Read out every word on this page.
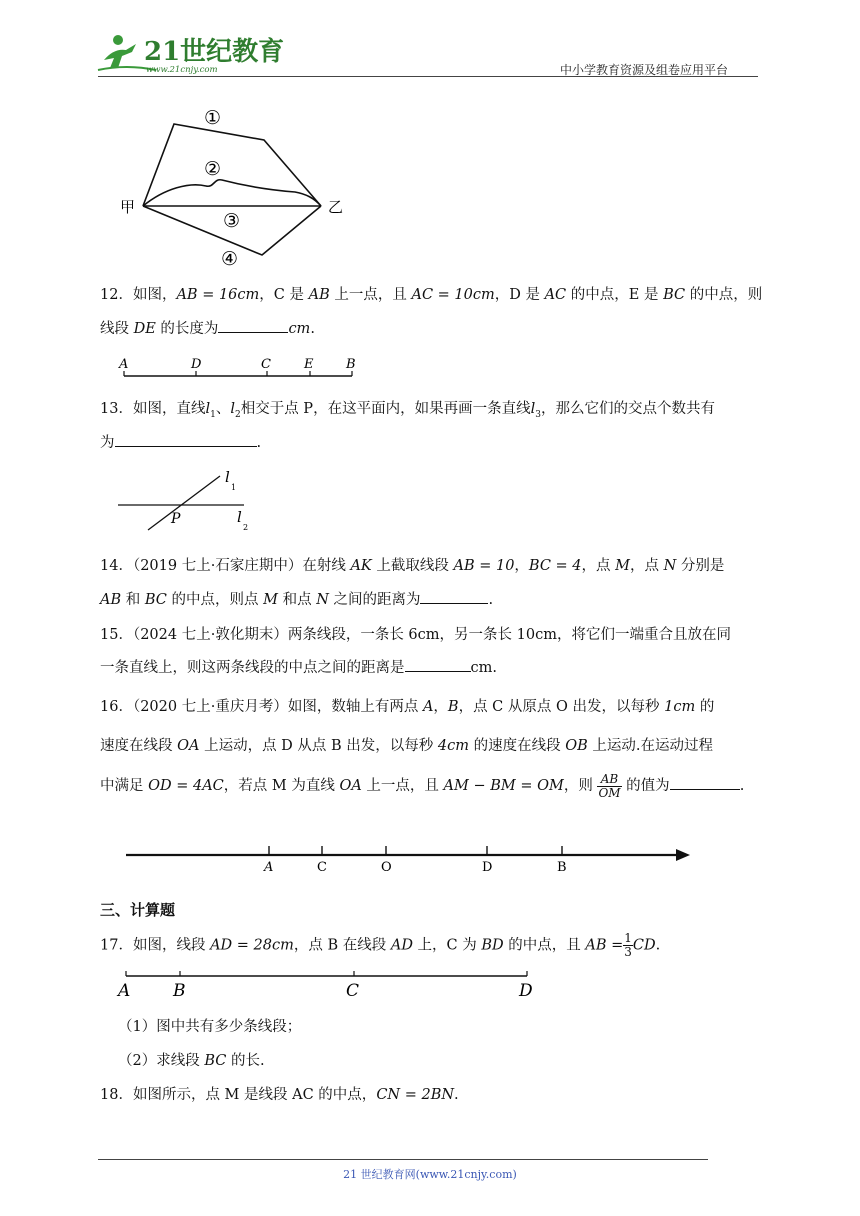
21世纪教育
www.21cnjy.com	中小学教育资源及组卷应用平台
①
②
③
④
甲	乙
12．如图，AB = 16cm，C 是 AB 上一点，且 AC = 10cm，D 是 AC 的中点，E 是 BC 的中点，则
线段 DE 的长度为	cm.
A	D	C	E	B
13．如图，直线$l_1$、$l_2$相交于点 P，在这平面内，如果再画一条直线$l_3$，那么它们的交点个数共有
为	.
l
1
l
2
P
14．（2019 七上·石家庄期中）在射线 AK 上截取线段 AB = 10，BC = 4，点 M，点 N 分别是
AB 和 BC 的中点，则点 M 和点 N 之间的距离为	.
15．（2024 七上·敦化期末）两条线段，一条长 6cm，另一条长 10cm，将它们一端重合且放在同
一条直线上，则这两条线段的中点之间的距离是	cm.
16．（2020 七上·重庆月考）如图，数轴上有两点 A，B，点 C 从原点 O 出发，以每秒 1cm 的
速度在线段 OA 上运动，点 D 从点 B 出发，以每秒 4cm 的速度在线段 OB 上运动.在运动过程
中满足 OD = 4AC，若点 M 为直线 OA 上一点，且 AM − BM = OM，则 $\frac{AB}{OM}$ 的值为	.
A	C	O	D	B
三、计算题
17．如图，线段 AD = 28cm，点 B 在线段 AD 上，C 为 BD 的中点，且 AB = $\frac{1}{3}$ CD.
A	B	C	D
（1）图中共有多少条线段；
（2）求线段 BC 的长.
18．如图所示，点 M 是线段 AC 的中点，CN = 2BN.
21 世纪教育网(www.21cnjy.com)
